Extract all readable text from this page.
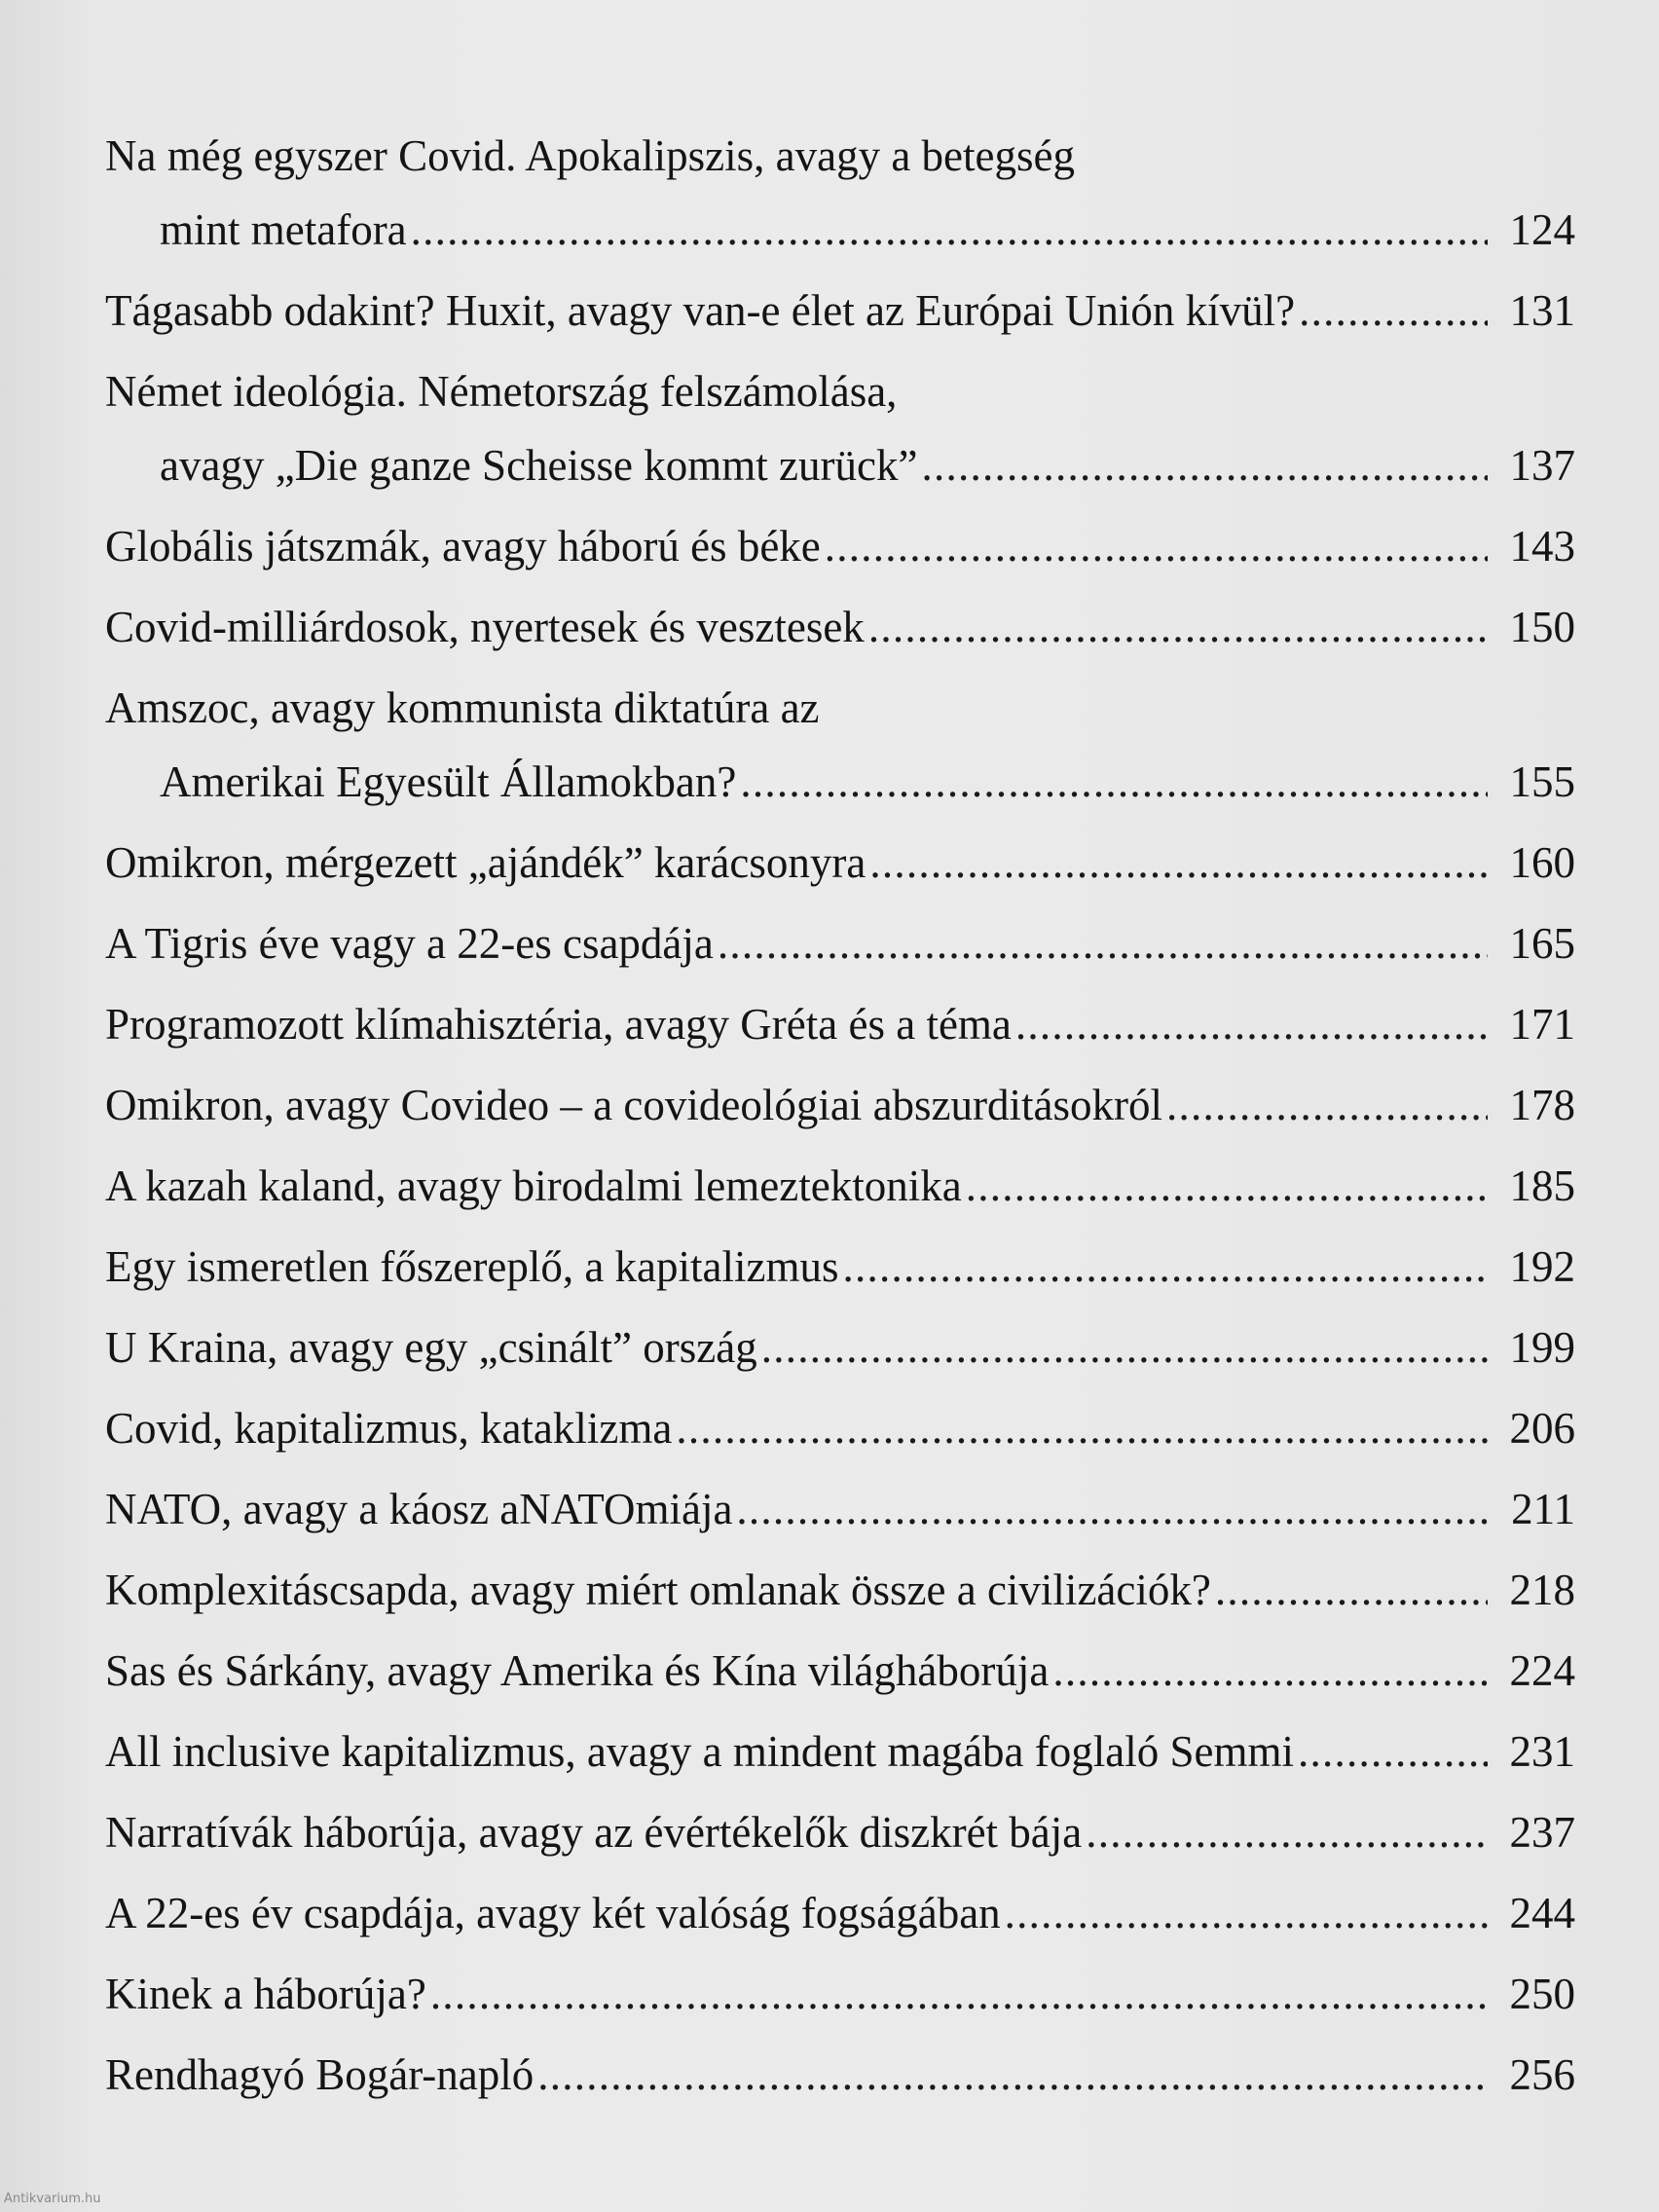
Na még egyszer Covid. Apokalipszis, avagy a betegség
mint metafora . . .	124
Tágasabb odakint? Huxit, avagy van-e élet az Európai Unión kívül? . . .	131
Német ideológia. Németország felszámolása,
avagy „Die ganze Scheisse kommt zurück” . . .	137
Globális játszmák, avagy háború és béke . . .	143
Covid-milliárdosok, nyertesek és vesztesek . . .	150
Amszoc, avagy kommunista diktatúra az
Amerikai Egyesült Államokban? . . .	155
Omikron, mérgezett „ajándék” karácsonyra . . .	160
A Tigris éve vagy a 22-es csapdája . . .	165
Programozott klímahisztéria, avagy Gréta és a téma . . .	171
Omikron, avagy Covideo – a covideológiai abszurditásokról . . .	178
A kazah kaland, avagy birodalmi lemeztektonika . . .	185
Egy ismeretlen főszereplő, a kapitalizmus . . .	192
U Kraina, avagy egy „csinált” ország . . .	199
Covid, kapitalizmus, kataklizma . . .	206
NATO, avagy a káosz aNATOmiája . . .	211
Komplexitáscsapda, avagy miért omlanak össze a civilizációk? . . .	218
Sas és Sárkány, avagy Amerika és Kína világháborúja . . .	224
All inclusive kapitalizmus, avagy a mindent magába foglaló Semmi . . .	231
Narratívák háborúja, avagy az évértékelők diszkrét bája . . .	237
A 22-es év csapdája, avagy két valóság fogságában . . .	244
Kinek a háborúja? . . .	250
Rendhagyó Bogár-napló . . .	256
Antikvarium.hu
